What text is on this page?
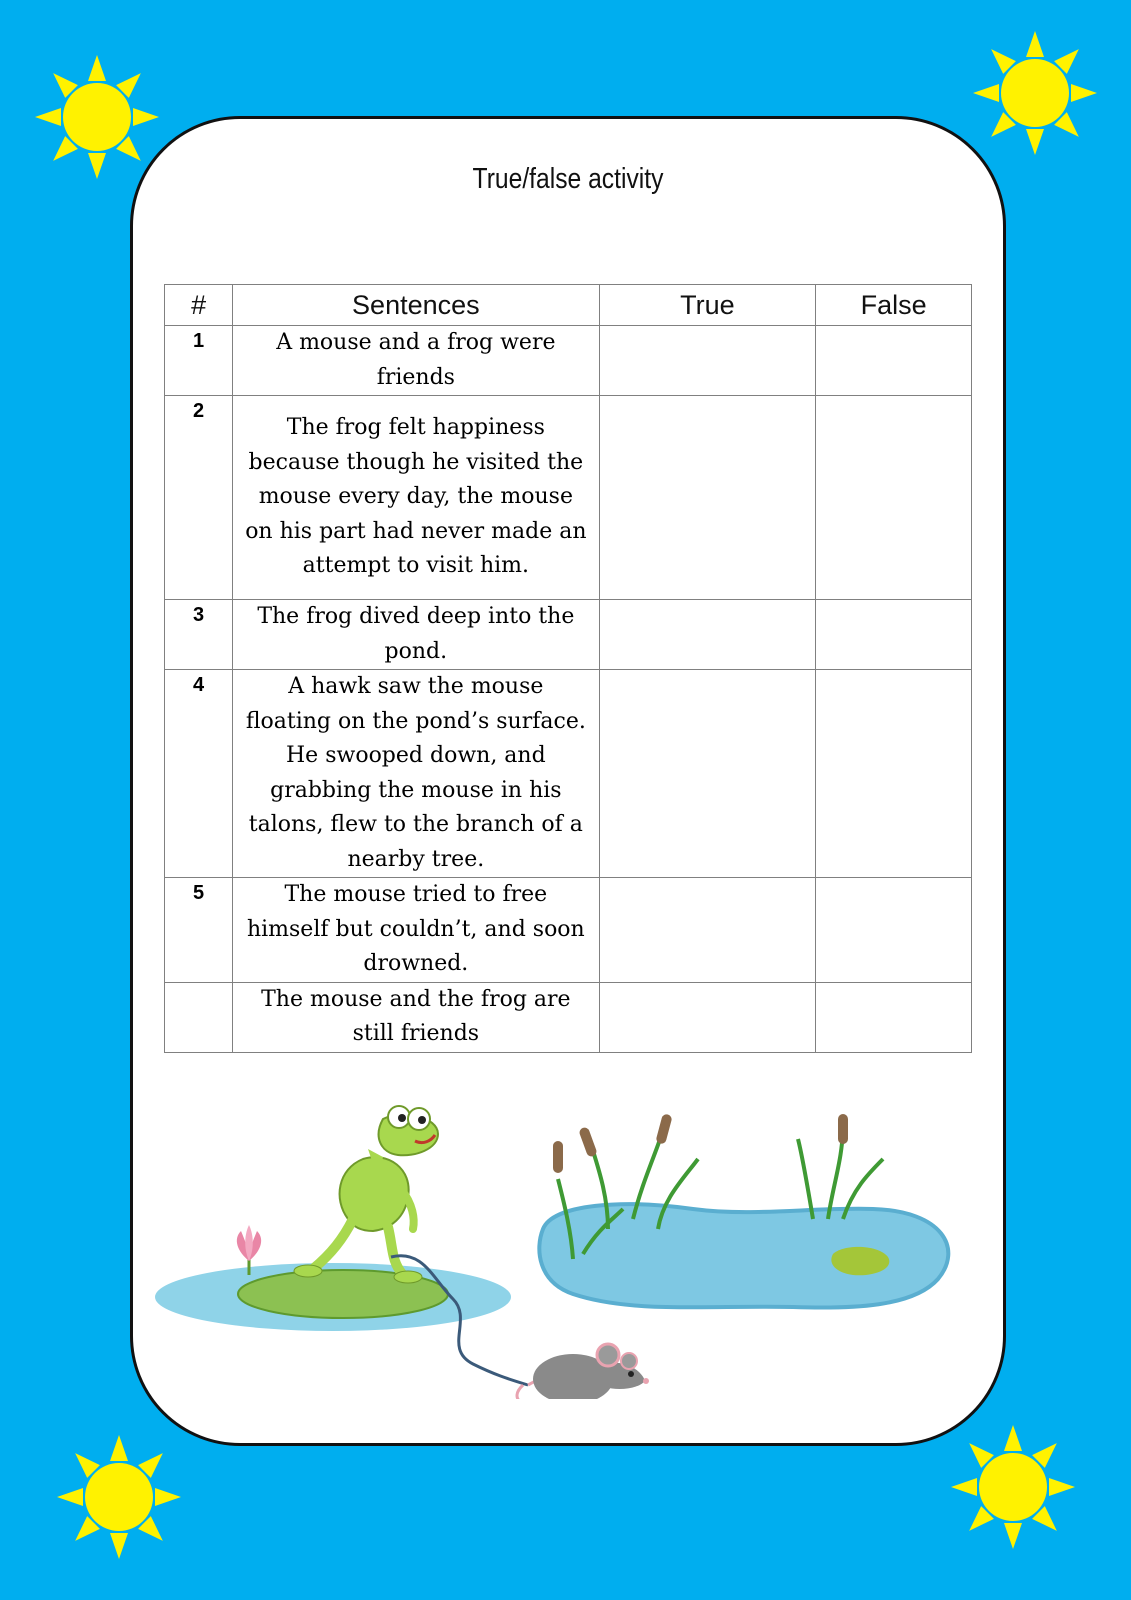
True/false activity
#	Sentences	True	False
1	A mouse and a frog were friends		
2	The frog felt happiness because though he visited the mouse every day, the mouse on his part had never made an attempt to visit him.		
3	The frog dived deep into the pond.		
4	A hawk saw the mouse floating on the pond’s surface. He swooped down, and grabbing the mouse in his talons, flew to the branch of a nearby tree.		
5	The mouse tried to free himself but couldn’t, and soon drowned.		
	The mouse and the frog are still friends		
